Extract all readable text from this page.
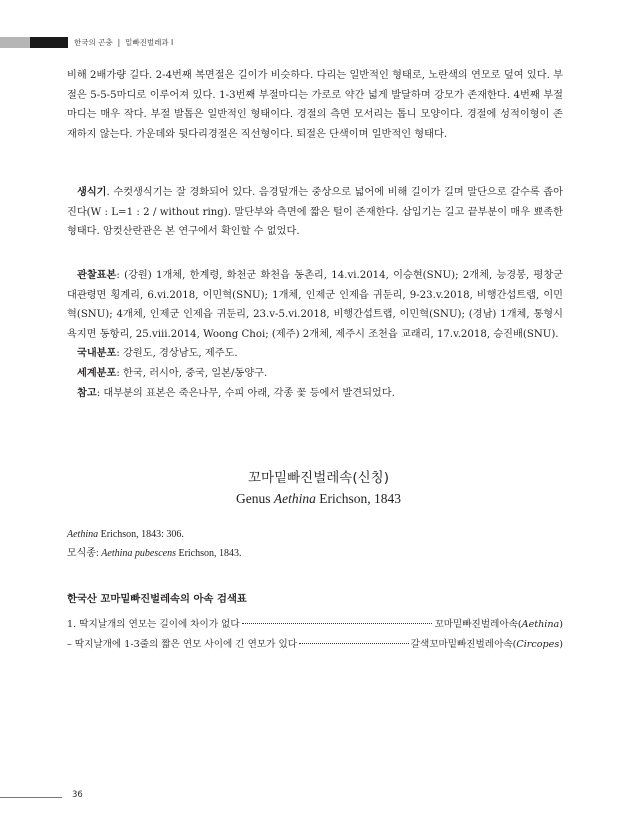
한국의 곤충 | 밑빠진벌레과 I

비해 2배가량 길다. 2-4번째 복면절은 길이가 비슷하다. 다리는 일반적인 형태로, 노란색의 연모로 덮여 있다. 부절은 5-5-5마디로 이루어져 있다. 1-3번째 부절마디는 가로로 약간 넓게 발달하며 강모가 존재한다. 4번째 부절마디는 매우 작다. 부절 발톱은 일반적인 형태이다. 경절의 측면 모서리는 톱니 모양이다. 경절에 성적이형이 존재하지 않는다. 가운데와 뒷다리경절은 직선형이다. 퇴절은 단색이며 일반적인 형태다.

생식기. 수컷생식기는 잘 경화되어 있다. 음경덮개는 중상으로 넓어에 비해 길이가 길며 말단으로 갈수록 좁아진다(W : L=1 : 2 / without ring). 말단부와 측면에 짧은 털이 존재한다. 삽입기는 길고 끝부분이 매우 뾰족한 형태다. 암컷산란관은 본 연구에서 확인할 수 없었다.

관찰표본: (강원) 1개체, 한계령, 화천군 화천읍 동촌리, 14.vi.2014, 이승현(SNU); 2개체, 능경봉, 평창군 대관령면 횡계리, 6.vi.2018, 이민혁(SNU); 1개체, 인제군 인제읍 귀둔리, 9-23.v.2018, 비행간섭트랩, 이민혁(SNU); 4개체, 인제군 인제읍 귀둔리, 23.v-5.vi.2018, 비행간섭트랩, 이민혁(SNU); (경남) 1개체, 통형시 욕지면 동항리, 25.viii.2014, Woong Choi; (제주) 2개체, 제주시 조천읍 교래리, 17.v.2018, 승진배(SNU).

국내분포: 강원도, 경상남도, 제주도.

세계분포: 한국, 러시아, 중국, 일본/동양구.

참고: 대부분의 표본은 죽은나무, 수피 아래, 각종 꽃 등에서 발견되었다.

꼬마밑빠진벌레속(신칭)
Genus Aethina Erichson, 1843
Aethina Erichson, 1843: 306.
모식종: Aethina pubescens Erichson, 1843.
한국산 꼬마밑빠진벌레속의 아속 검색표
1. 딱지날개의 연모는 길이에 차이가 없다	꼬마밑빠진벌레아속(Aethina)
– 딱지날개에 1-3줄의 짧은 연모 사이에 긴 연모가 있다	갈색꼬마밑빠진벌레아속(Circopes)
36
